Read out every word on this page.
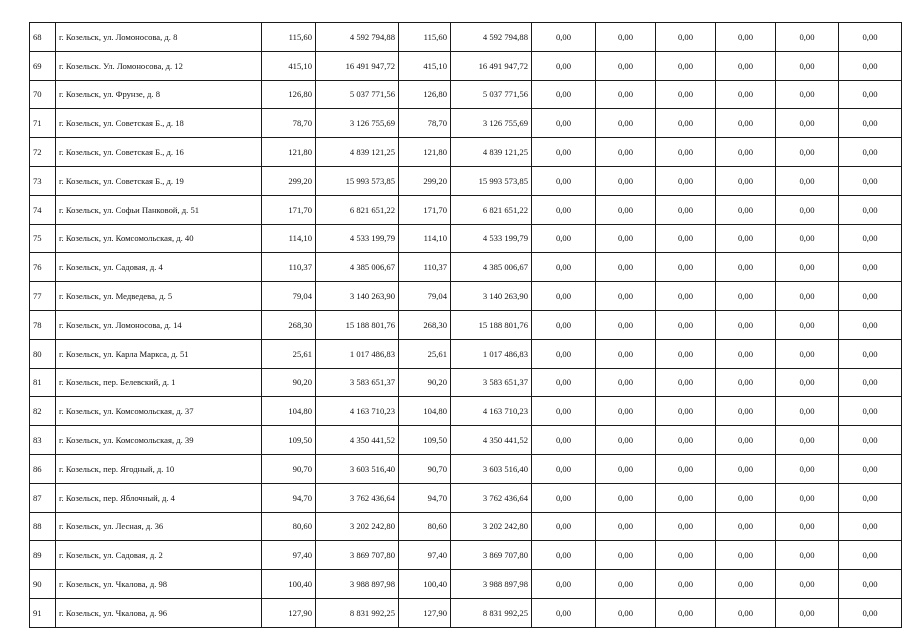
68	г. Козельск, ул. Ломоносова, д. 8	115,60	4 592 794,88	115,60	4 592 794,88	0,00	0,00	0,00	0,00	0,00	0,00
69	г. Козельск. Ул. Ломоносова, д. 12	415,10	16 491 947,72	415,10	16 491 947,72	0,00	0,00	0,00	0,00	0,00	0,00
70	г. Козельск, ул. Фрунзе, д. 8	126,80	5 037 771,56	126,80	5 037 771,56	0,00	0,00	0,00	0,00	0,00	0,00
71	г. Козельск, ул. Советская Б., д. 18	78,70	3 126 755,69	78,70	3 126 755,69	0,00	0,00	0,00	0,00	0,00	0,00
72	г. Козельск, ул. Советская Б., д. 16	121,80	4 839 121,25	121,80	4 839 121,25	0,00	0,00	0,00	0,00	0,00	0,00
73	г. Козельск, ул. Советская Б., д. 19	299,20	15 993 573,85	299,20	15 993 573,85	0,00	0,00	0,00	0,00	0,00	0,00
74	г. Козельск, ул. Софьи Панковой, д. 51	171,70	6 821 651,22	171,70	6 821 651,22	0,00	0,00	0,00	0,00	0,00	0,00
75	г. Козельск, ул. Комсомольская, д. 40	114,10	4 533 199,79	114,10	4 533 199,79	0,00	0,00	0,00	0,00	0,00	0,00
76	г. Козельск, ул. Садовая, д. 4	110,37	4 385 006,67	110,37	4 385 006,67	0,00	0,00	0,00	0,00	0,00	0,00
77	г. Козельск, ул. Медведева, д. 5	79,04	3 140 263,90	79,04	3 140 263,90	0,00	0,00	0,00	0,00	0,00	0,00
78	г. Козельск, ул. Ломоносова, д. 14	268,30	15 188 801,76	268,30	15 188 801,76	0,00	0,00	0,00	0,00	0,00	0,00
80	г. Козельск, ул. Карла Маркса, д. 51	25,61	1 017 486,83	25,61	1 017 486,83	0,00	0,00	0,00	0,00	0,00	0,00
81	г. Козельск, пер. Белевский, д. 1	90,20	3 583 651,37	90,20	3 583 651,37	0,00	0,00	0,00	0,00	0,00	0,00
82	г. Козельск, ул. Комсомольская, д. 37	104,80	4 163 710,23	104,80	4 163 710,23	0,00	0,00	0,00	0,00	0,00	0,00
83	г. Козельск, ул. Комсомольская, д. 39	109,50	4 350 441,52	109,50	4 350 441,52	0,00	0,00	0,00	0,00	0,00	0,00
86	г. Козельск, пер. Ягодный, д. 10	90,70	3 603 516,40	90,70	3 603 516,40	0,00	0,00	0,00	0,00	0,00	0,00
87	г. Козельск, пер. Яблочный, д. 4	94,70	3 762 436,64	94,70	3 762 436,64	0,00	0,00	0,00	0,00	0,00	0,00
88	г. Козельск, ул. Лесная, д. 36	80,60	3 202 242,80	80,60	3 202 242,80	0,00	0,00	0,00	0,00	0,00	0,00
89	г. Козельск, ул. Садовая, д. 2	97,40	3 869 707,80	97,40	3 869 707,80	0,00	0,00	0,00	0,00	0,00	0,00
90	г. Козельск, ул. Чкалова, д. 98	100,40	3 988 897,98	100,40	3 988 897,98	0,00	0,00	0,00	0,00	0,00	0,00
91	г. Козельск, ул. Чкалова, д. 96	127,90	8 831 992,25	127,90	8 831 992,25	0,00	0,00	0,00	0,00	0,00	0,00
